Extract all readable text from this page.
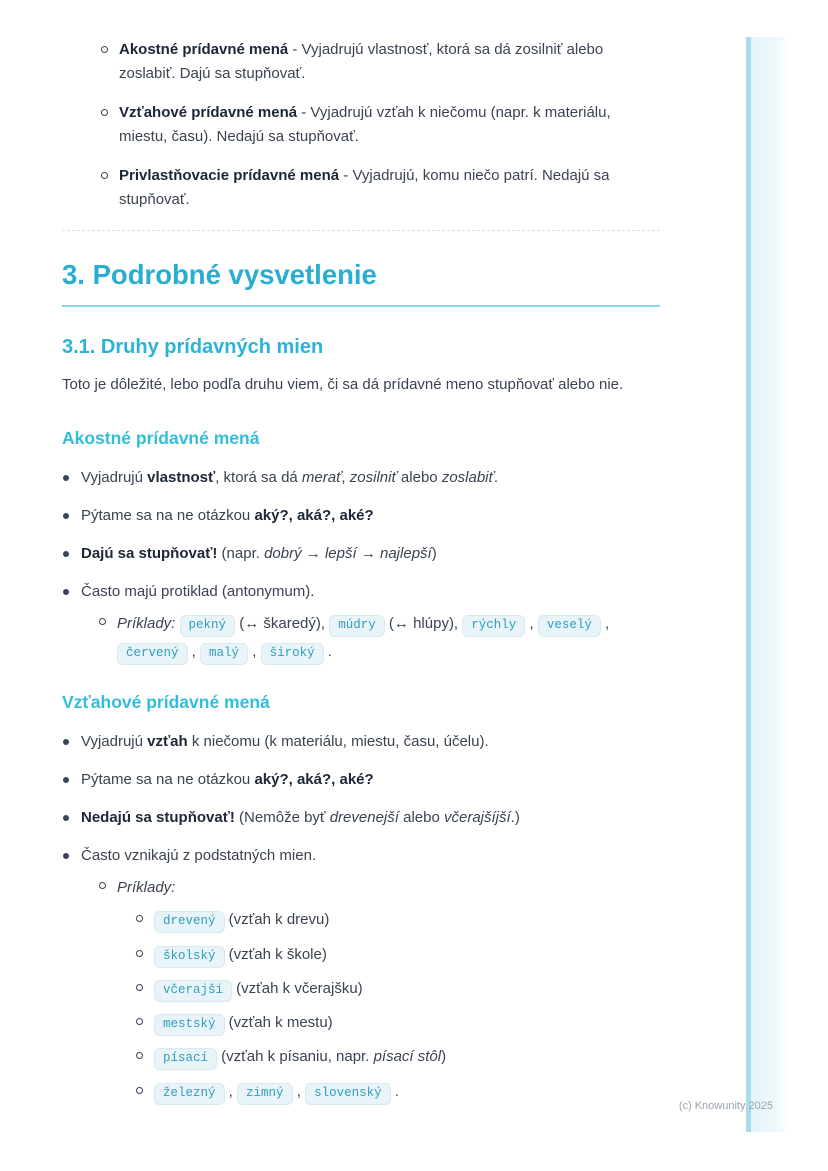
Akostné prídavné mená - Vyjadrujú vlastnosť, ktorá sa dá zosilniť alebo zoslabiť. Dajú sa stupňovať.
Vzťahové prídavné mená - Vyjadrujú vzťah k niečomu (napr. k materiálu, miestu, času). Nedajú sa stupňovať.
Privlastňovacie prídavné mená - Vyjadrujú, komu niečo patrí. Nedajú sa stupňovať.
3. Podrobné vysvetlenie
3.1. Druhy prídavných mien

Toto je dôležité, lebo podľa druhu viem, či sa dá prídavné meno stupňovať alebo nie.

Akostné prídavné mená
Vyjadrujú vlastnosť, ktorá sa dá merať, zosilniť alebo zoslabiť.
Pýtame sa na ne otázkou aký?, aká?, aké?
Dajú sa stupňovať! (napr. dobrý → lepší → najlepší)
Často majú protiklad (antonymum).
Príklady: pekný (↔ škaredý), múdry (↔ hlúpy), rýchly , veselý , červený , malý , široký .
Vzťahové prídavné mená
Vyjadrujú vzťah k niečomu (k materiálu, miestu, času, účelu).
Pýtame sa na ne otázkou aký?, aká?, aké?
Nedajú sa stupňovať! (Nemôže byť drevenejší alebo včerajšíjší.)
Často vznikajú z podstatných mien.
Príklady:
drevený (vzťah k drevu)
školský (vzťah k škole)
včerajši (vzťah k včerajšku)
mestský (vzťah k mestu)
písací (vzťah k písaniu, napr. písací stôl)
železný , zimný , slovenský .
(c) Knowunity 2025
